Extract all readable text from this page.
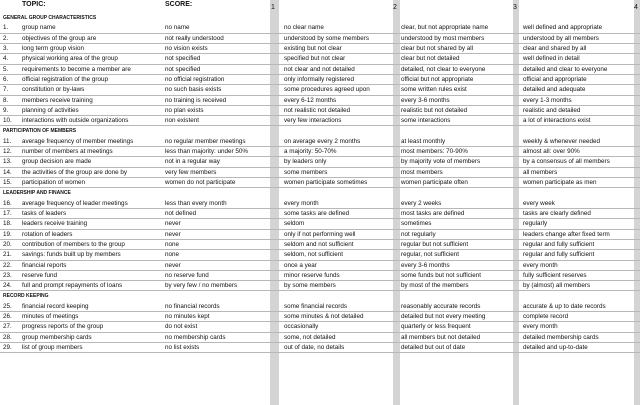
TOPIC:	SCORE:	1	2	3	4
GENERAL GROUP CHARACTERISTICS
1.	group name	no name	no clear name	clear, but not appropriate name	well defined and appropriate
2.	objectives of the group are	not really understood	understood by some members	understood by most members	understood by all members
3.	long term group vision	no vision exists	existing but not clear	clear but not shared by all	clear and shared by all
4.	physical working area of the group	not specified	specified but not clear	clear but not detailed	well defined in detail
5.	requirements to become a member are	not specified	not clear and not detailed	detailed, not clear to everyone	detailed and clear to everyone
6.	official registration of the group	no official registration	only informally registered	official but not appropriate	official and appropriate
7.	constitution or by-laws	no such basis exists	some procedures agreed upon	some written rules exist	detailed and adequate
8.	members receive training	no training is received	every 6-12 months	every 3-6 months	every 1-3 months
9.	planning of activities	no plan exists	not realistic not detailed	realistic but not detailed	realistic and detailed
10.	interactions with outside organizations	non existent	very few interactions	some interactions	a lot of interactions exist
PARTICIPATION OF MEMBERS
11.	average frequency of member meetings	no regular member meetings	on average every 2 months	at least monthly	weekly & whenever needed
12.	number of members at meetings	less than majority: under 50%	a majority: 50-70%	most members: 70-90%	almost all: over 90%
13.	group decision are made	not in a regular way	by leaders only	by majority vote of members	by a consensus of all members
14.	the activities of the group are done by	very few members	some members	most members	all members
15.	participation of women	women do not participate	women participate sometimes	women participate often	women participate as men
LEADERSHIP AND FINANCE
16.	average frequency of leader meetings	less than every month	every month	every 2 weeks	every week
17.	tasks of leaders	not defined	some tasks are defined	most tasks are defined	tasks are clearly defined
18.	leaders receive training	never	seldom	sometimes	regularly
19.	rotation of leaders	never	only if not performing well	not regularly	leaders change after fixed term
20.	contribution of members to the group	none	seldom and not sufficient	regular but not sufficient	regular and fully sufficient
21.	savings: funds built up by members	none	seldom, not sufficient	regular, not sufficient	regular and fully sufficient
22.	financial reports	never	once a year	every 3-6 months	every month
23.	reserve fund	no reserve fund	minor reserve funds	some funds but not sufficient	fully sufficient reserves
24.	full and prompt repayments of loans	by very few / no members	by some members	by most of the members	by (almost) all members
RECORD KEEPING
25.	financial record keeping	no financial records	some financial records	reasonably accurate records	accurate & up to date records
26.	minutes of meetings	no minutes kept	some minutes & not detailed	detailed but not every meeting	complete record
27.	progress reports of the group	do not exist	occasionally	quarterly or less frequent	every month
28.	group membership cards	no membership cards	some, not detailed	all members but not detailed	detailed membership cards
29.	list of group members	no list exists	out of date, no details	detailed but out of date	detailed and up-to-date
